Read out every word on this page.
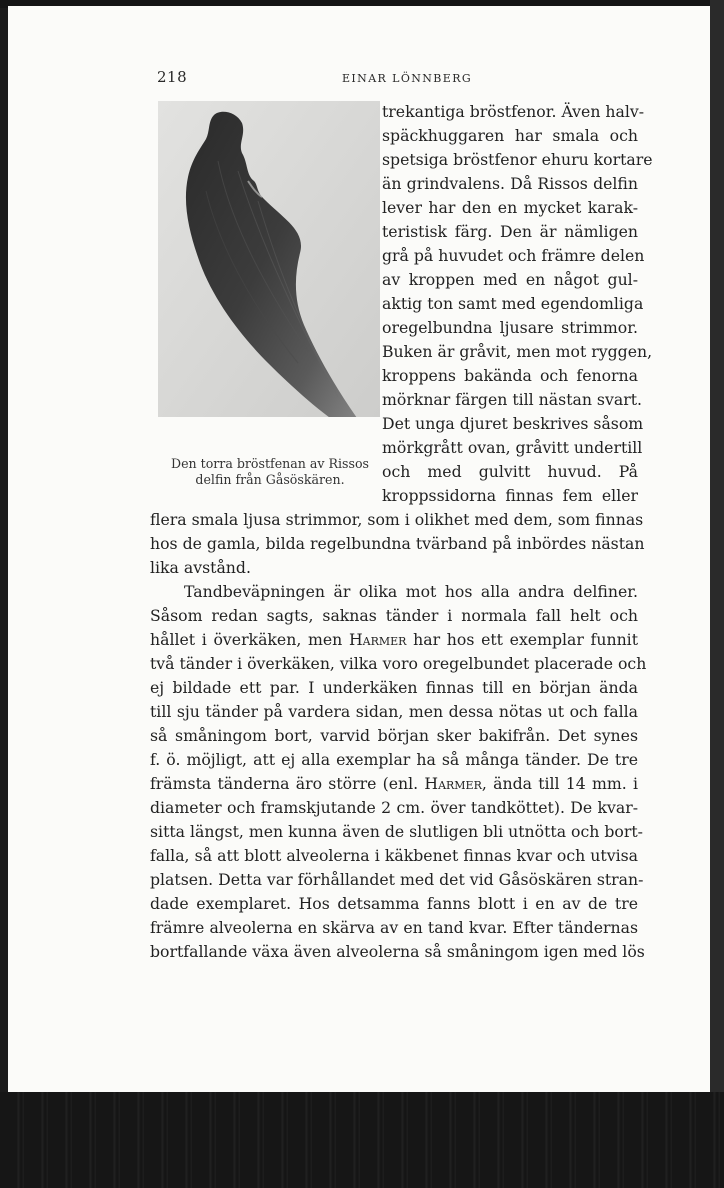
218	EINAR LÖNNBERG
Den torra bröstfenan av Rissos
delfin från Gåsöskären.
trekantiga bröstfenor. Även halv-
späckhuggaren har smala och
spetsiga bröstfenor ehuru kortare
än grindvalens. Då Rissos delfin
lever har den en mycket karak-
teristisk färg. Den är nämligen
grå på huvudet och främre delen
av kroppen med en något gul-
aktig ton samt med egendomliga
oregelbundna ljusare strimmor.
Buken är gråvit, men mot ryggen,
kroppens bakända och fenorna
mörknar färgen till nästan svart.
Det unga djuret beskrives såsom
mörkgrått ovan, gråvitt undertill
och med gulvitt huvud. På
kroppssidorna finnas fem eller
flera smala ljusa strimmor, som i olikhet med dem, som finnas
hos de gamla, bilda regelbundna tvärband på inbördes nästan
lika avstånd.
Tandbeväpningen är olika mot hos alla andra delfiner.
Såsom redan sagts, saknas tänder i normala fall helt och
hållet i överkäken, men Harmer har hos ett exemplar funnit
två tänder i överkäken, vilka voro oregelbundet placerade och
ej bildade ett par. I underkäken finnas till en början ända
till sju tänder på vardera sidan, men dessa nötas ut och falla
så småningom bort, varvid början sker bakifrån. Det synes
f. ö. möjligt, att ej alla exemplar ha så många tänder. De tre
främsta tänderna äro större (enl. Harmer, ända till 14 mm. i
diameter och framskjutande 2 cm. över tandköttet). De kvar-
sitta längst, men kunna även de slutligen bli utnötta och bort-
falla, så att blott alveolerna i käkbenet finnas kvar och utvisa
platsen. Detta var förhållandet med det vid Gåsöskären stran-
dade exemplaret. Hos detsamma fanns blott i en av de tre
främre alveolerna en skärva av en tand kvar. Efter tändernas
bortfallande växa även alveolerna så småningom igen med lös
